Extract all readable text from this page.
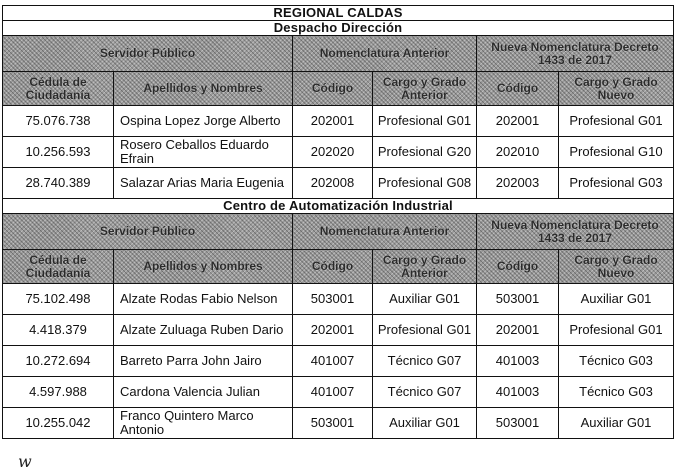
REGIONAL CALDAS					
Despacho Dirección					
Servidor Público		Nomenclatura Anterior		Nueva Nomenclatura Decreto 1433 de 2017	
Cédula de Ciudadanía	Apellidos y Nombres	Código	Cargo y Grado Anterior	Código	Cargo y Grado Nuevo
75.076.738	Ospina Lopez Jorge Alberto	202001	Profesional G01	202001	Profesional G01
10.256.593	Rosero Ceballos Eduardo Efrain	202020	Profesional G20	202010	Profesional G10
28.740.389	Salazar Arias Maria Eugenia	202008	Profesional G08	202003	Profesional G03
Centro de Automatización Industrial					
Servidor Público		Nomenclatura Anterior		Nueva Nomenclatura Decreto 1433 de 2017	
Cédula de Ciudadanía	Apellidos y Nombres	Código	Cargo y Grado Anterior	Código	Cargo y Grado Nuevo
75.102.498	Alzate Rodas Fabio Nelson	503001	Auxiliar G01	503001	Auxiliar G01
4.418.379	Alzate Zuluaga Ruben Dario	202001	Profesional G01	202001	Profesional G01
10.272.694	Barreto Parra John Jairo	401007	Técnico G07	401003	Técnico G03
4.597.988	Cardona Valencia Julian	401007	Técnico G07	401003	Técnico G03
10.255.042	Franco Quintero Marco Antonio	503001	Auxiliar G01	503001	Auxiliar G01
w
